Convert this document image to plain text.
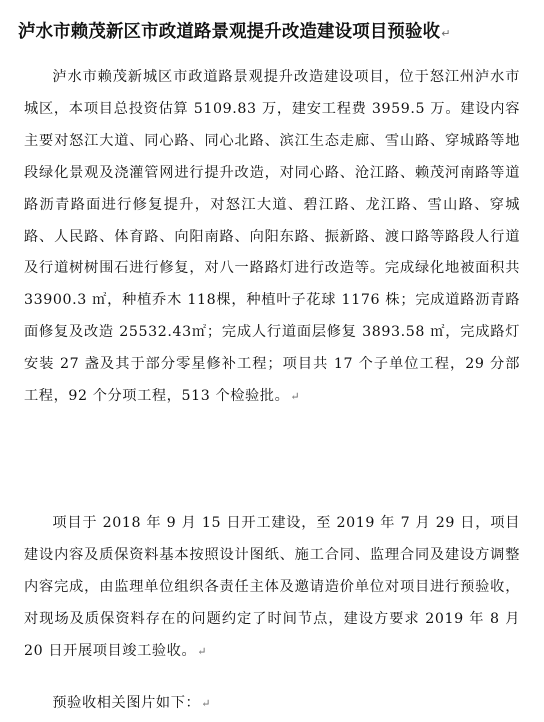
泸水市赖茂新区市政道路景观提升改造建设项目预验收↵

泸水市赖茂新城区市政道路景观提升改造建设项目，位于怒江州泸水市城区，本项目总投资估算 5109.83 万，建安工程费 3959.5 万。建设内容主要对怒江大道、同心路、同心北路、滨江生态走廊、雪山路、穿城路等地段绿化景观及浇灌管网进行提升改造，对同心路、沧江路、赖茂河南路等道路沥青路面进行修复提升，对怒江大道、碧江路、龙江路、雪山路、穿城路、人民路、体育路、向阳南路、向阳东路、振新路、渡口路等路段人行道及行道树树围石进行修复，对八一路路灯进行改造等。完成绿化地被面积共 33900.3 ㎡，种植乔木 118棵，种植叶子花球 1176 株；完成道路沥青路面修复及改造 25532.43㎡；完成人行道面层修复 3893.58 ㎡，完成路灯安装 27 盏及其于部分零星修补工程；项目共 17 个子单位工程，29 分部工程，92 个分项工程，513 个检验批。↵

项目于 2018 年 9 月 15 日开工建设，至 2019 年 7 月 29 日，项目建设内容及质保资料基本按照设计图纸、施工合同、监理合同及建设方调整内容完成，由监理单位组织各责任主体及邀请造价单位对项目进行预验收，对现场及质保资料存在的问题约定了时间节点，建设方要求 2019 年 8 月 20 日开展项目竣工验收。↵

预验收相关图片如下：↵
